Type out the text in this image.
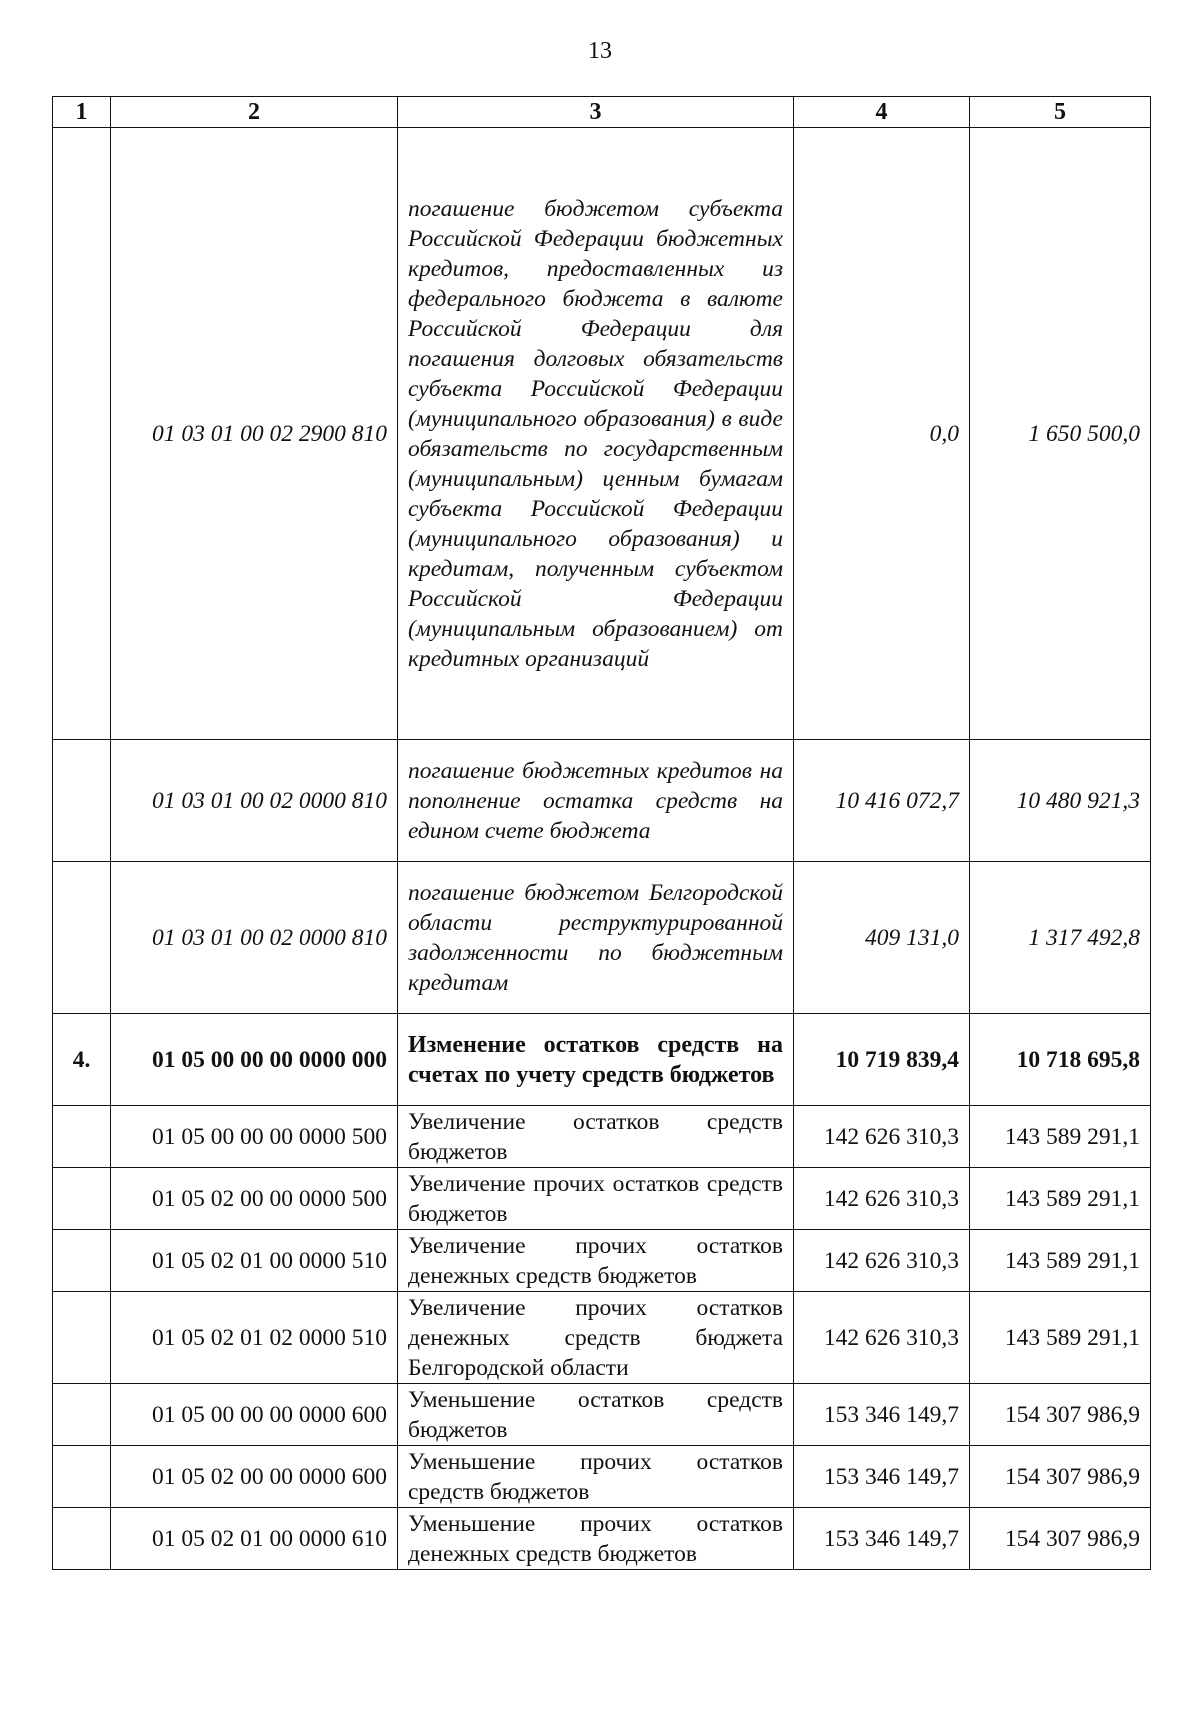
13
1	2	3	4	5
	01 03 01 00 02 2900 810	погашение бюджетом субъекта Российской Федерации бюджетных кредитов, предоставленных из федерального бюджета в валюте Российской Федерации для погашения долговых обязательств субъекта Российской Федерации (муниципального образования) в виде обязательств по государственным (муниципальным) ценным бумагам субъекта Российской Федерации (муниципального образования) и кредитам, полученным субъектом Российской Федерации (муниципальным образованием) от кредитных организаций	0,0	1 650 500,0
	01 03 01 00 02 0000 810	погашение бюджетных кредитов на пополнение остатка средств на едином счете бюджета	10 416 072,7	10 480 921,3
	01 03 01 00 02 0000 810	погашение бюджетом Белгородской области реструктурированной задолженности по бюджетным кредитам	409 131,0	1 317 492,8
4.	01 05 00 00 00 0000 000	Изменение остатков средств на счетах по учету средств бюджетов	10 719 839,4	10 718 695,8
	01 05 00 00 00 0000 500	Увеличение остатков средств бюджетов	142 626 310,3	143 589 291,1
	01 05 02 00 00 0000 500	Увеличение прочих остатков средств бюджетов	142 626 310,3	143 589 291,1
	01 05 02 01 00 0000 510	Увеличение прочих остатков денежных средств бюджетов	142 626 310,3	143 589 291,1
	01 05 02 01 02 0000 510	Увеличение прочих остатков денежных средств бюджета Белгородской области	142 626 310,3	143 589 291,1
	01 05 00 00 00 0000 600	Уменьшение остатков средств бюджетов	153 346 149,7	154 307 986,9
	01 05 02 00 00 0000 600	Уменьшение прочих остатков средств бюджетов	153 346 149,7	154 307 986,9
	01 05 02 01 00 0000 610	Уменьшение прочих остатков денежных средств бюджетов	153 346 149,7	154 307 986,9
